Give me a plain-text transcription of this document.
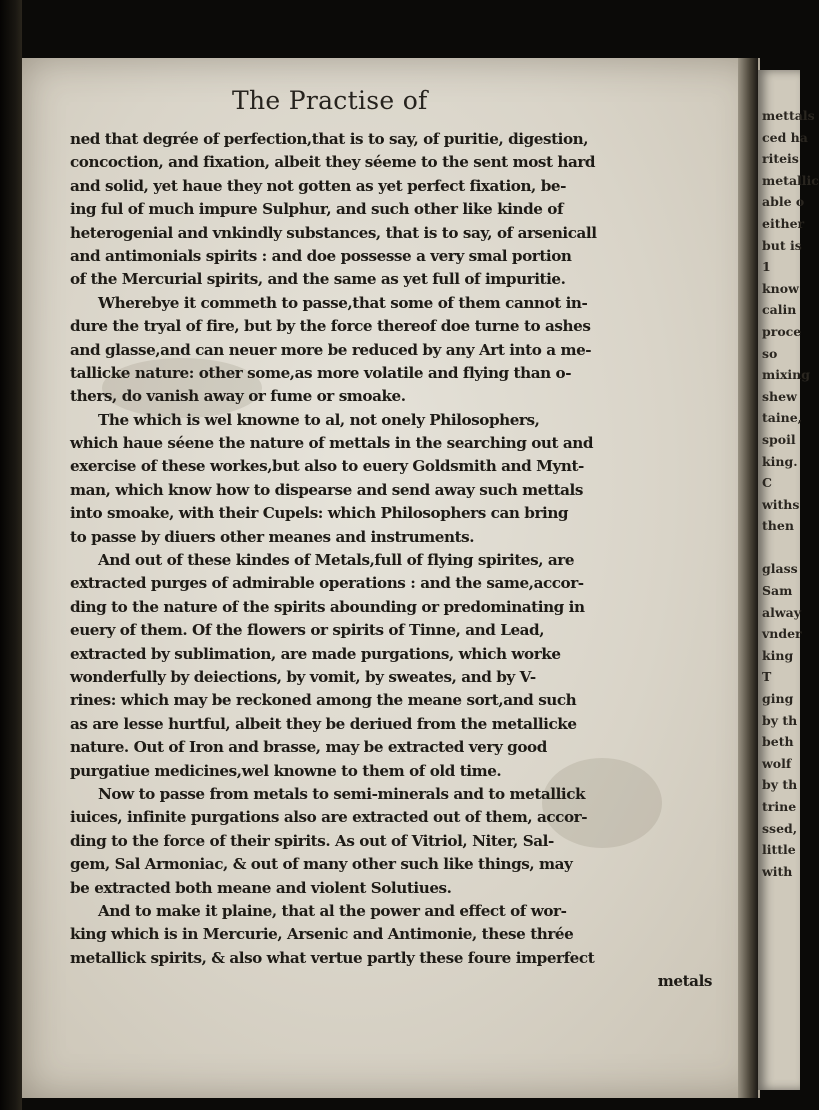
The Practise of
ned that degrée of perfection,that is to say, of puritie, digestion,
concoction, and fixation, albeit they séeme to the sent most hard
and solid, yet haue they not gotten as yet perfect fixation, be-
ing ful of much impure Sulphur, and such other like kinde of
heterogenial and vnkindly substances, that is to say, of arsenicall
and antimonials spirits : and doe possesse a very smal portion
of the Mercurial spirits, and the same as yet full of impuritie.
Wherebye it commeth to passe,that some of them cannot in-
dure the tryal of fire, but by the force thereof doe turne to ashes
and glasse,and can neuer more be reduced by any Art into a me-
tallicke nature: other some,as more volatile and flying than o-
thers, do vanish away or fume or smoake.
The which is wel knowne to al, not onely Philosophers,
which haue séene the nature of mettals in the searching out and
exercise of these workes,but also to euery Goldsmith and Mynt-
man, which know how to dispearse and send away such mettals
into smoake, with their Cupels: which Philosophers can bring
to passe by diuers other meanes and instruments.
And out of these kindes of Metals,full of flying spirites, are
extracted purges of admirable operations : and the same,accor-
ding to the nature of the spirits abounding or predominating in
euery of them. Of the flowers or spirits of Tinne, and Lead,
extracted by sublimation, are made purgations, which worke
wonderfully by deiections, by vomit, by sweates, and by V-
rines: which may be reckoned among the meane sort,and such
as are lesse hurtful, albeit they be deriued from the metallicke
nature. Out of Iron and brasse, may be extracted very good
purgatiue medicines,wel knowne to them of old time.
Now to passe from metals to semi-minerals and to metallick
iuices, infinite purgations also are extracted out of them, accor-
ding to the force of their spirits. As out of Vitriol, Niter, Sal-
gem, Sal Armoniac, & out of many other such like things, may
be extracted both meane and violent Solutiues.
And to make it plaine, that al the power and effect of wor-
king which is in Mercurie, Arsenic and Antimonie, these thrée
metallick spirits, & also what vertue partly these foure imperfect
metals
mettals
ced ha
riteis
metallic
able o
either
but is
1
know
calin
proce
so
mixing
shew
taine,
spoil
king.
C
withs
then
glass
Sam
alway
vnder
king
T
ging
by th
beth
wolf
by th
trine
ssed,
little
with
